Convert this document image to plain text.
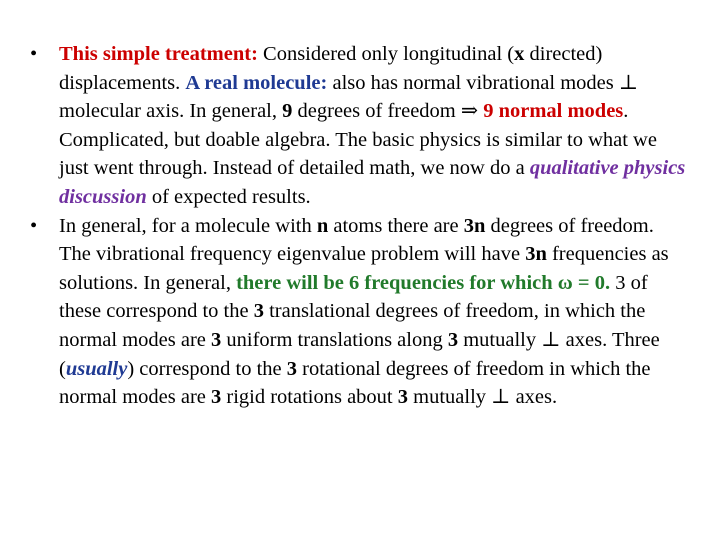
• This simple treatment: Considered only longitudinal (x directed) displacements. A real molecule: also has normal vibrational modes ⊥ molecular axis. In general, 9 degrees of freedom ⇒ 9 normal modes. Complicated, but doable algebra. The basic physics is similar to what we just went through. Instead of detailed math, we now do a qualitative physics discussion of expected results.
• In general, for a molecule with n atoms there are 3n degrees of freedom. The vibrational frequency eigenvalue problem will have 3n frequencies as solutions. In general, there will be 6 frequencies for which ω = 0. 3 of these correspond to the 3 translational degrees of freedom, in which the normal modes are 3 uniform translations along 3 mutually ⊥ axes. Three (usually) correspond to the 3 rotational degrees of freedom in which the normal modes are 3 rigid rotations about 3 mutually ⊥ axes.
